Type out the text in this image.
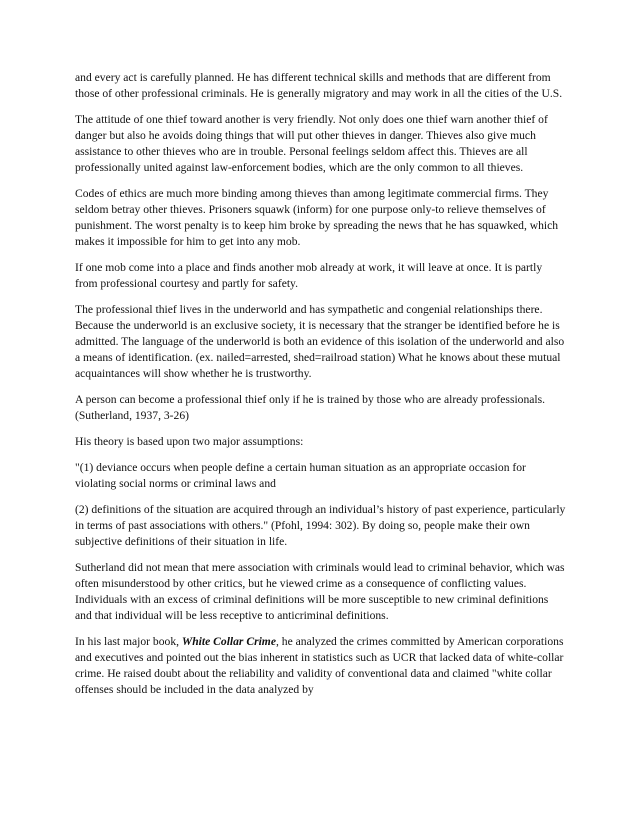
and every act is carefully planned. He has different technical skills and methods that are different from those of other professional criminals. He is generally migratory and may work in all the cities of the U.S.

The attitude of one thief toward another is very friendly. Not only does one thief warn another thief of danger but also he avoids doing things that will put other thieves in danger. Thieves also give much assistance to other thieves who are in trouble. Personal feelings seldom affect this. Thieves are all professionally united against law-enforcement bodies, which are the only common to all thieves.

Codes of ethics are much more binding among thieves than among legitimate commercial firms. They seldom betray other thieves. Prisoners squawk (inform) for one purpose only-to relieve themselves of punishment. The worst penalty is to keep him broke by spreading the news that he has squawked, which makes it impossible for him to get into any mob.

If one mob come into a place and finds another mob already at work, it will leave at once. It is partly from professional courtesy and partly for safety.

The professional thief lives in the underworld and has sympathetic and congenial relationships there. Because the underworld is an exclusive society, it is necessary that the stranger be identified before he is admitted. The language of the underworld is both an evidence of this isolation of the underworld and also a means of identification. (ex. nailed=arrested, shed=railroad station) What he knows about these mutual acquaintances will show whether he is trustworthy.

A person can become a professional thief only if he is trained by those who are already professionals. (Sutherland, 1937, 3-26)

His theory is based upon two major assumptions:

"(1) deviance occurs when people define a certain human situation as an appropriate occasion for violating social norms or criminal laws and

(2) definitions of the situation are acquired through an individual’s history of past experience, particularly in terms of past associations with others." (Pfohl, 1994: 302). By doing so, people make their own subjective definitions of their situation in life.

Sutherland did not mean that mere association with criminals would lead to criminal behavior, which was often misunderstood by other critics, but he viewed crime as a consequence of conflicting values. Individuals with an excess of criminal definitions will be more susceptible to new criminal definitions and that individual will be less receptive to anticriminal definitions.

In his last major book, White Collar Crime, he analyzed the crimes committed by American corporations and executives and pointed out the bias inherent in statistics such as UCR that lacked data of white-collar crime. He raised doubt about the reliability and validity of conventional data and claimed "white collar offenses should be included in the data analyzed by
